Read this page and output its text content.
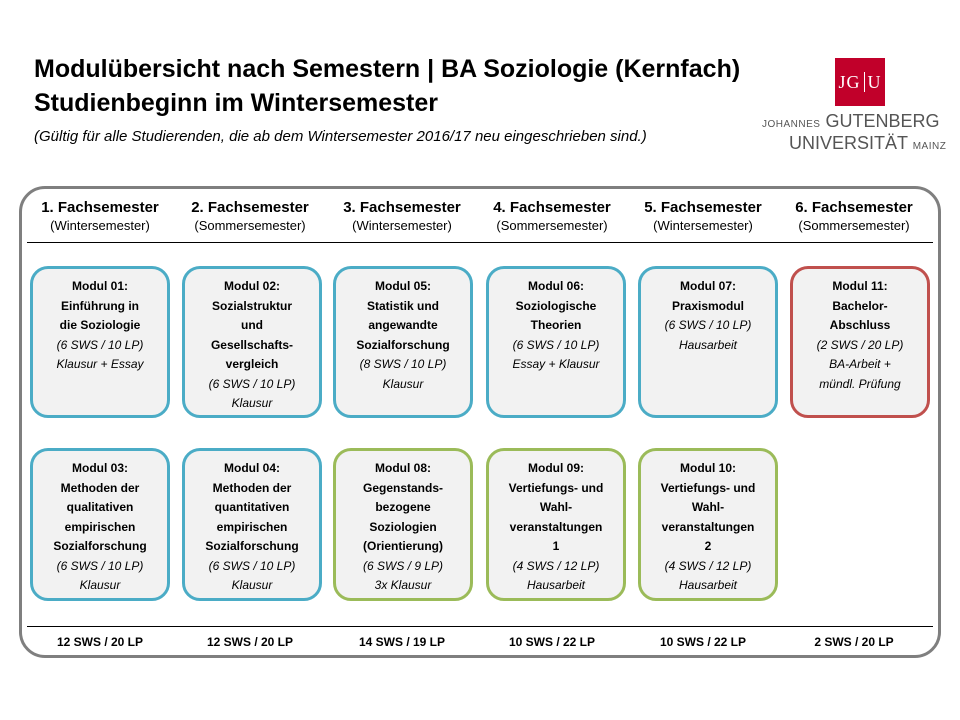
Modulübersicht nach Semestern | BA Soziologie (Kernfach)
Studienbeginn im Wintersemester
(Gültig für alle Studierenden, die ab dem Wintersemester 2016/17 neu eingeschrieben sind.)
JG U
JOHANNES GUTENBERG
UNIVERSITÄT MAINZ
1. Fachsemester
(Wintersemester)
2. Fachsemester
(Sommersemester)
3. Fachsemester
(Wintersemester)
4. Fachsemester
(Sommersemester)
5. Fachsemester
(Wintersemester)
6. Fachsemester
(Sommersemester)
Modul 01:
Einführung in
die Soziologie
(6 SWS / 10 LP)
Klausur + Essay
Modul 02:
Sozialstruktur
und
Gesellschafts-
vergleich
(6 SWS / 10 LP)
Klausur
Modul 05:
Statistik und
angewandte
Sozialforschung
(8 SWS / 10 LP)
Klausur
Modul 06:
Soziologische
Theorien
(6 SWS / 10 LP)
Essay + Klausur
Modul 07:
Praxismodul
(6 SWS / 10 LP)
Hausarbeit
Modul 11:
Bachelor-
Abschluss
(2 SWS / 20 LP)
BA-Arbeit +
mündl. Prüfung
Modul 03:
Methoden der
qualitativen
empirischen
Sozialforschung
(6 SWS / 10 LP)
Klausur
Modul 04:
Methoden der
quantitativen
empirischen
Sozialforschung
(6 SWS / 10 LP)
Klausur
Modul 08:
Gegenstands-
bezogene
Soziologien
(Orientierung)
(6 SWS / 9 LP)
3x Klausur
Modul 09:
Vertiefungs- und
Wahl-
veranstaltungen
1
(4 SWS / 12 LP)
Hausarbeit
Modul 10:
Vertiefungs- und
Wahl-
veranstaltungen
2
(4 SWS / 12 LP)
Hausarbeit
12 SWS / 20 LP	12 SWS / 20 LP	14 SWS / 19 LP	10 SWS / 22 LP	10 SWS / 22 LP	2 SWS / 20 LP
